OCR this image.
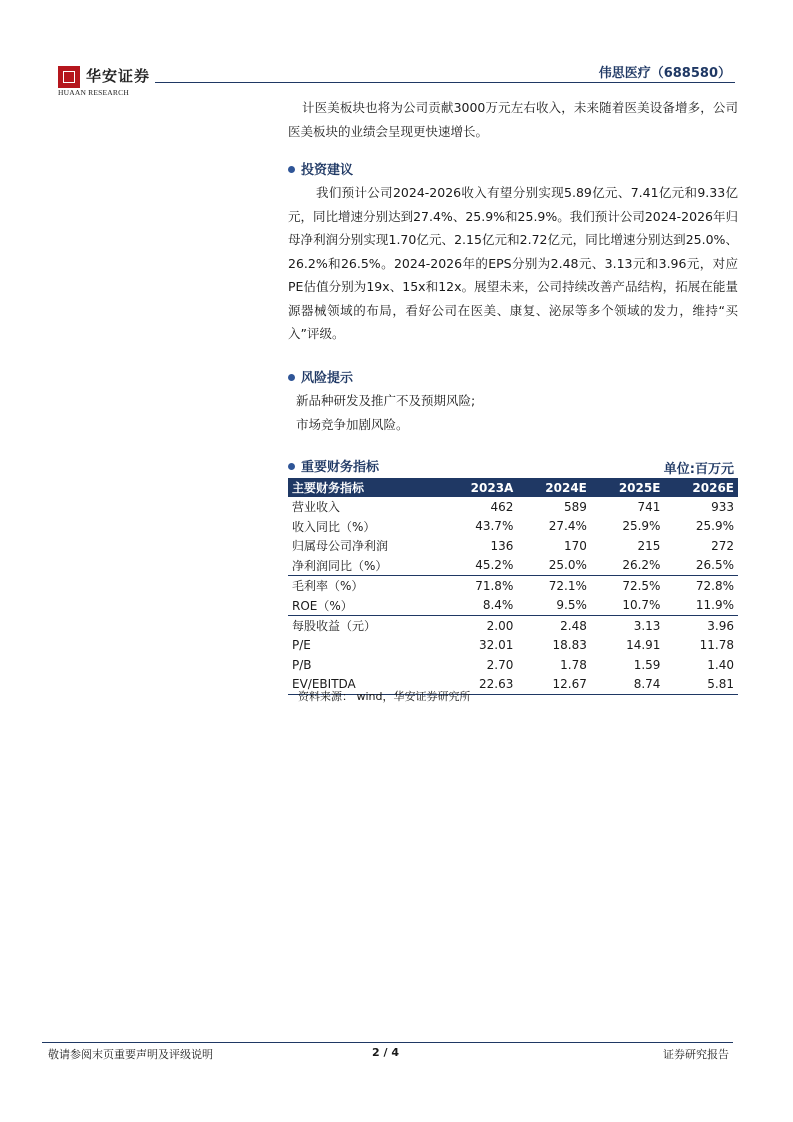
华安证券
HUAAN RESEARCH
伟思医疗（688580）

计医美板块也将为公司贡献3000万元左右收入，未来随着医美设备增多，公司医美板块的业绩会呈现更快速增长。

投资建议

我们预计公司2024-2026收入有望分别实现5.89亿元、7.41亿元和9.33亿元，同比增速分别达到27.4%、25.9%和25.9%。我们预计公司2024-2026年归母净利润分别实现1.70亿元、2.15亿元和2.72亿元，同比增速分别达到25.0%、26.2%和26.5%。2024-2026年的EPS分别为2.48元、3.13元和3.96元，对应PE估值分别为19x、15x和12x。展望未来，公司持续改善产品结构，拓展在能量源器械领域的布局，看好公司在医美、康复、泌尿等多个领域的发力，维持“买入”评级。

风险提示

新品种研发及推广不及预期风险;

市场竞争加剧风险。

重要财务指标	单位:百万元
主要财务指标	2023A	2024E	2025E	2026E
营业收入	462	589	741	933
收入同比（%）	43.7%	27.4%	25.9%	25.9%
归属母公司净利润	136	170	215	272
净利润同比（%）	45.2%	25.0%	26.2%	26.5%
毛利率（%）	71.8%	72.1%	72.5%	72.8%
ROE（%）	8.4%	9.5%	10.7%	11.9%
每股收益（元）	2.00	2.48	3.13	3.96
P/E	32.01	18.83	14.91	11.78
P/B	2.70	1.78	1.59	1.40
EV/EBITDA	22.63	12.67	8.74	5.81
资料来源： wind，华安证券研究所
敬请参阅末页重要声明及评级说明	2 / 4	证券研究报告
